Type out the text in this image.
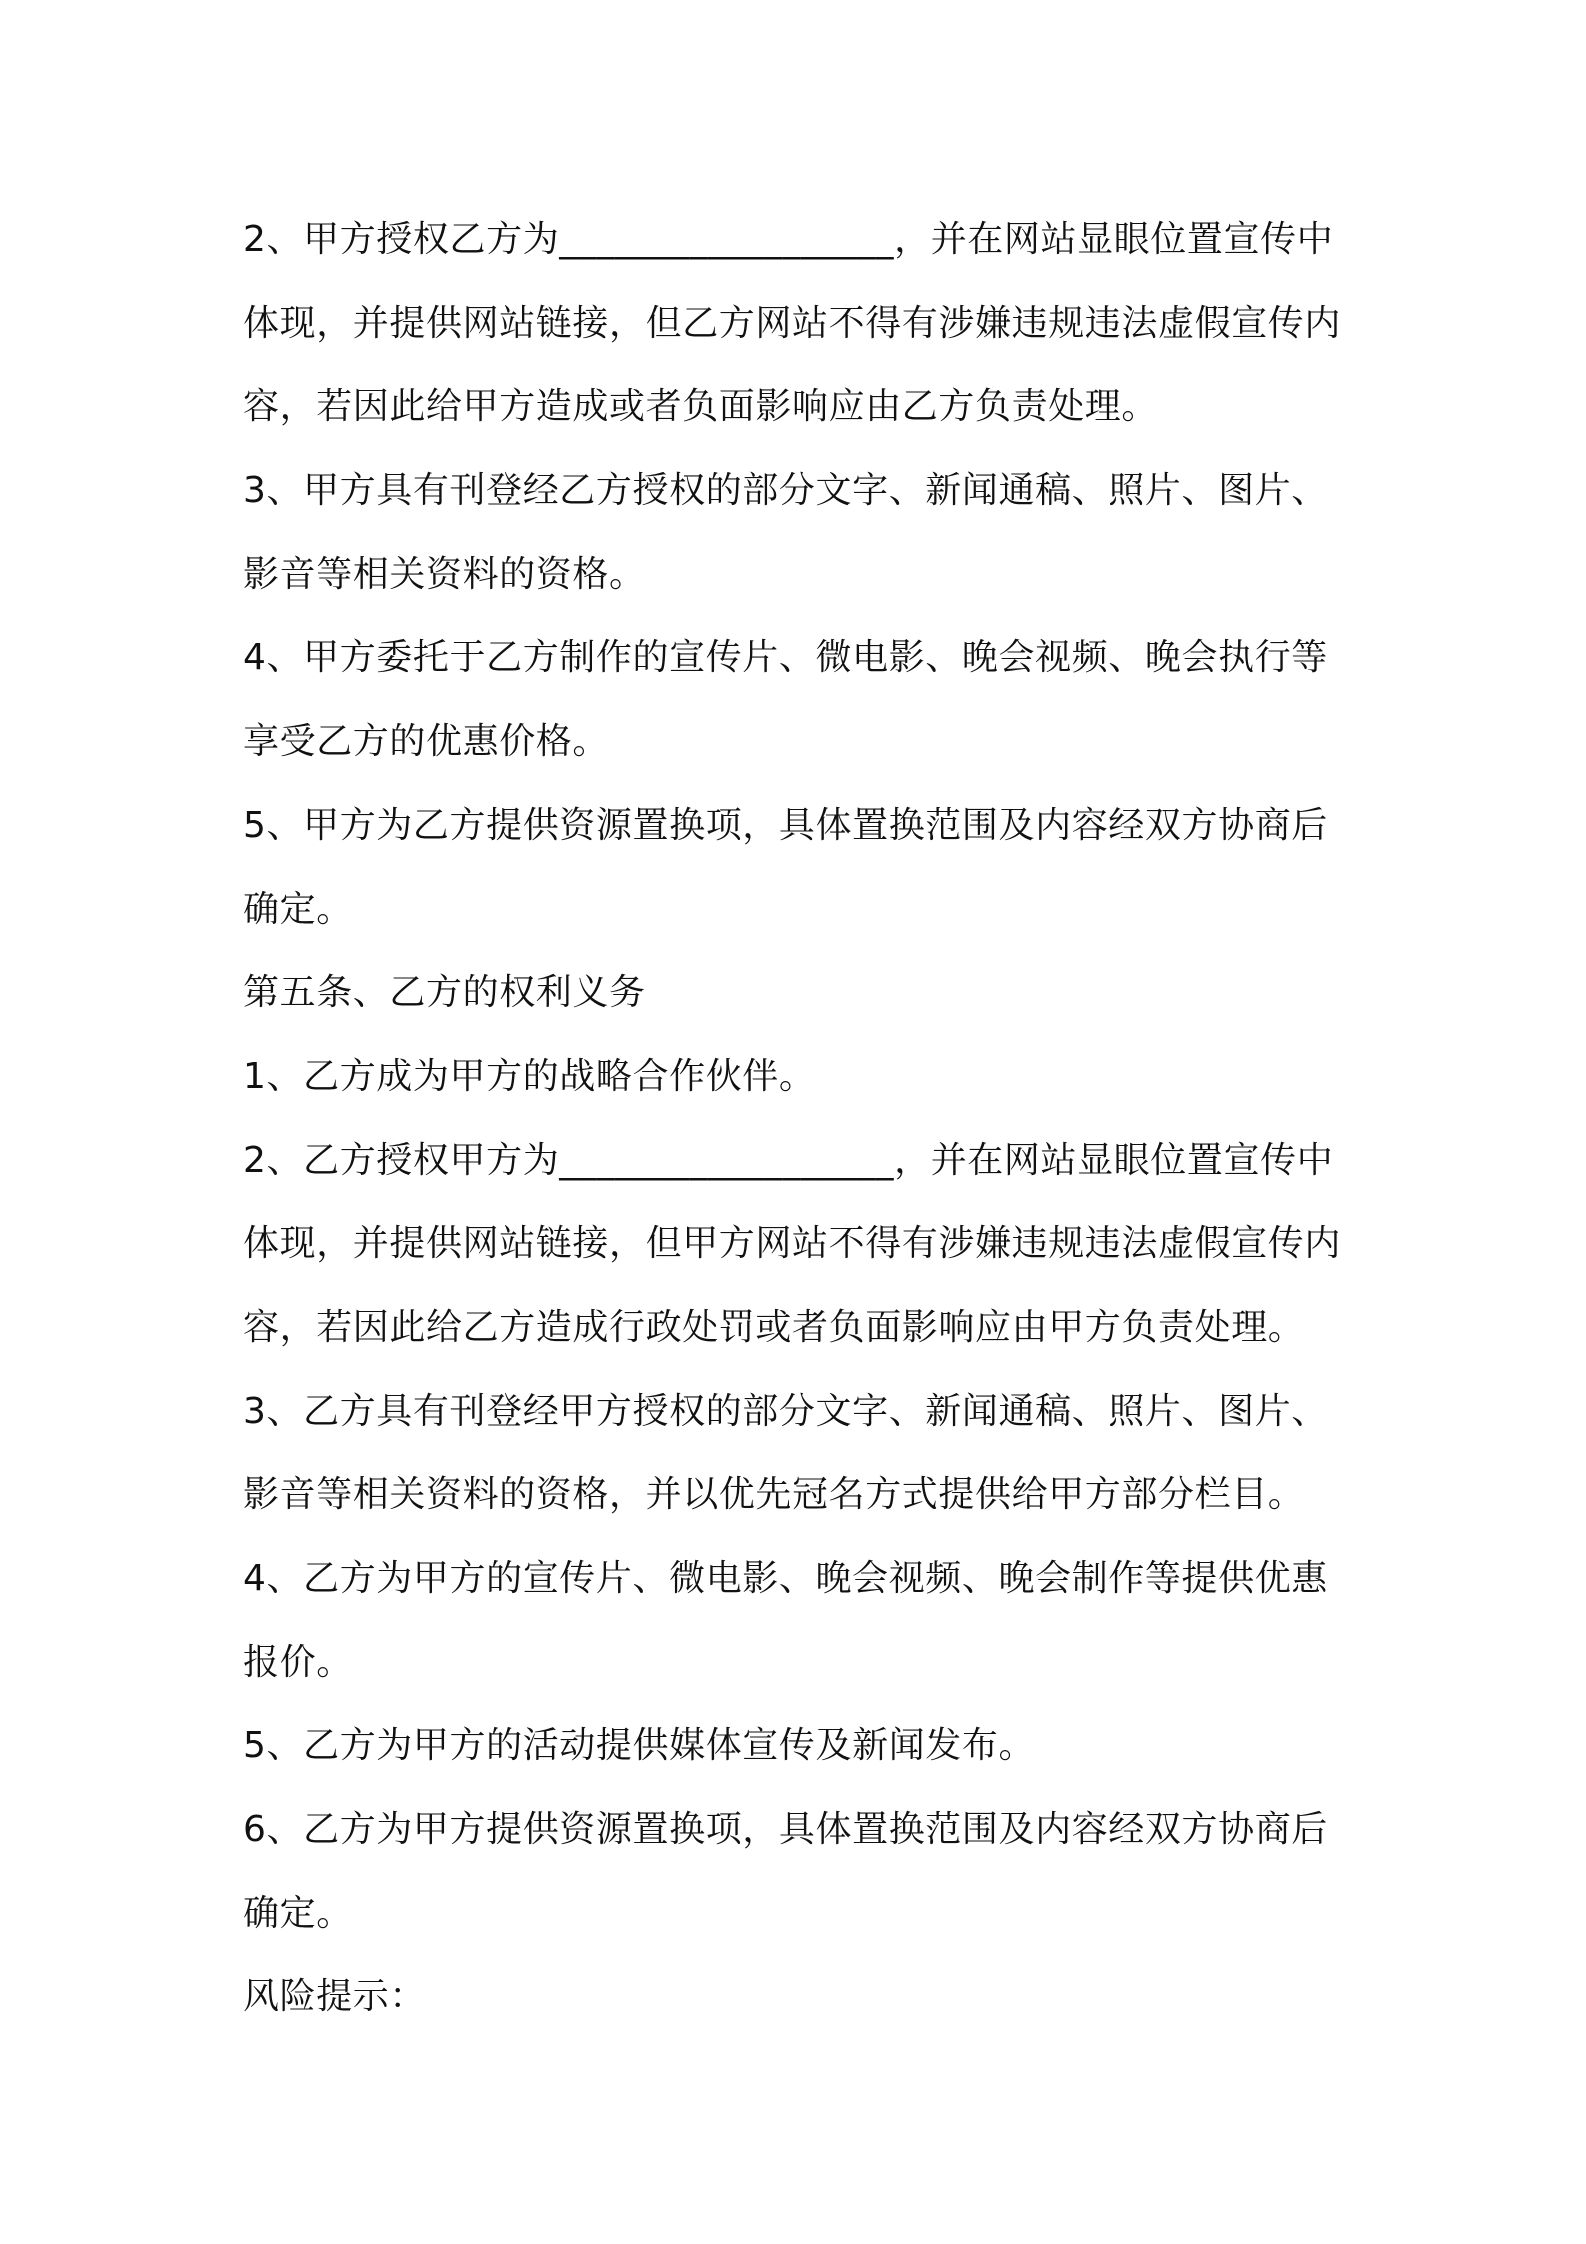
2、甲方授权乙方为__________________，并在网站显眼位置宣传中
体现，并提供网站链接，但乙方网站不得有涉嫌违规违法虚假宣传内
容，若因此给甲方造成或者负面影响应由乙方负责处理。
3、甲方具有刊登经乙方授权的部分文字、新闻通稿、照片、图片、
影音等相关资料的资格。
4、甲方委托于乙方制作的宣传片、微电影、晚会视频、晚会执行等
享受乙方的优惠价格。
5、甲方为乙方提供资源置换项，具体置换范围及内容经双方协商后
确定。
第五条、乙方的权利义务
1、乙方成为甲方的战略合作伙伴。
2、乙方授权甲方为__________________，并在网站显眼位置宣传中
体现，并提供网站链接，但甲方网站不得有涉嫌违规违法虚假宣传内
容，若因此给乙方造成行政处罚或者负面影响应由甲方负责处理。
3、乙方具有刊登经甲方授权的部分文字、新闻通稿、照片、图片、
影音等相关资料的资格，并以优先冠名方式提供给甲方部分栏目。
4、乙方为甲方的宣传片、微电影、晚会视频、晚会制作等提供优惠
报价。
5、乙方为甲方的活动提供媒体宣传及新闻发布。
6、乙方为甲方提供资源置换项，具体置换范围及内容经双方协商后
确定。
风险提示：
